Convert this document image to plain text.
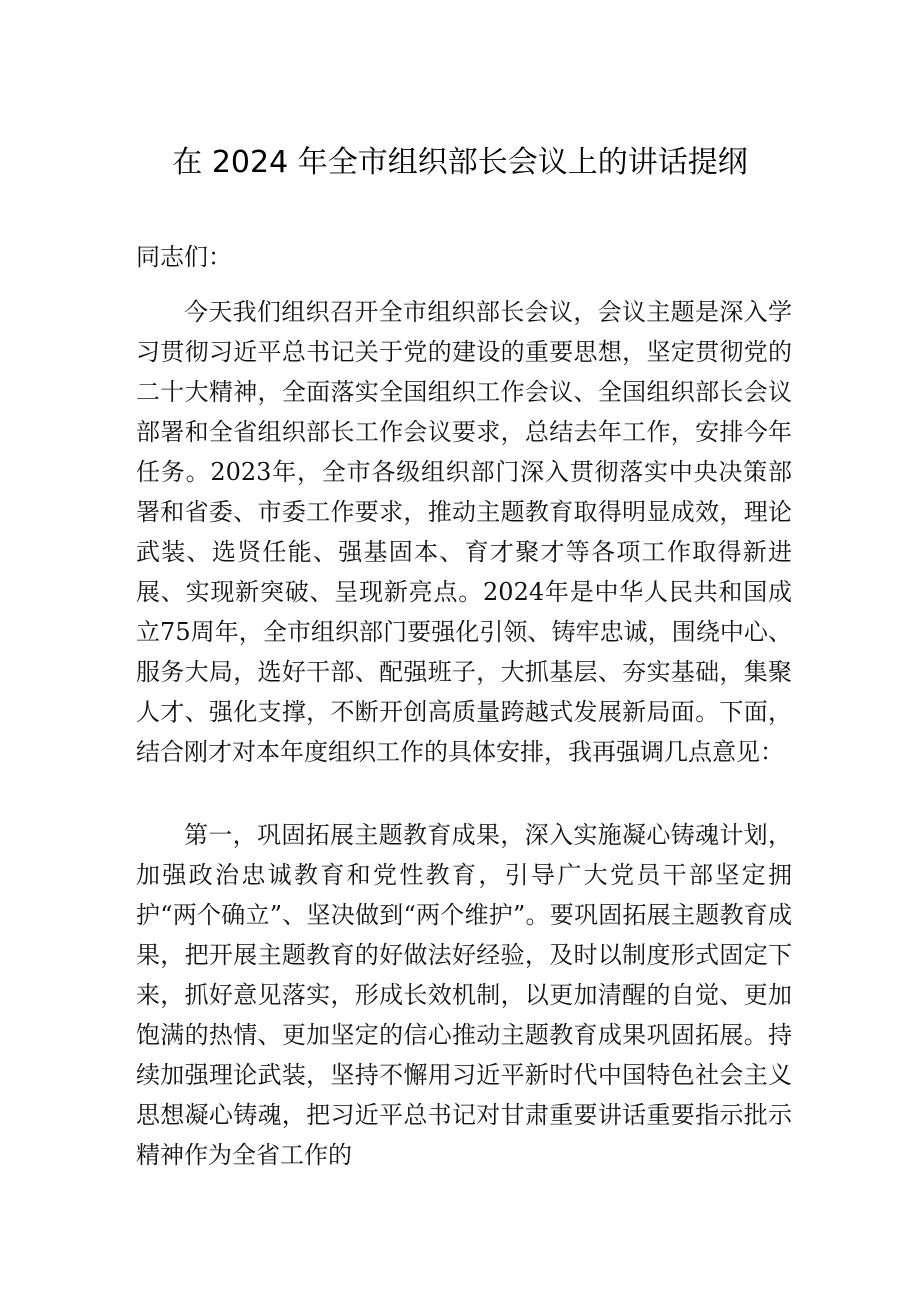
在 2024 年全市组织部长会议上的讲话提纲

同志们：

今天我们组织召开全市组织部长会议，会议主题是深入学习贯彻习近平总书记关于党的建设的重要思想，坚定贯彻党的二十大精神，全面落实全国组织工作会议、全国组织部长会议部署和全省组织部长工作会议要求，总结去年工作，安排今年任务。2023年，全市各级组织部门深入贯彻落实中央决策部署和省委、市委工作要求，推动主题教育取得明显成效，理论武装、选贤任能、强基固本、育才聚才等各项工作取得新进展、实现新突破、呈现新亮点。2024年是中华人民共和国成立75周年，全市组织部门要强化引领、铸牢忠诚，围绕中心、服务大局，选好干部、配强班子，大抓基层、夯实基础，集聚人才、强化支撑，不断开创高质量跨越式发展新局面。下面，结合刚才对本年度组织工作的具体安排，我再强调几点意见：

第一，巩固拓展主题教育成果，深入实施凝心铸魂计划，加强政治忠诚教育和党性教育，引导广大党员干部坚定拥护“两个确立”、坚决做到“两个维护”。要巩固拓展主题教育成果，把开展主题教育的好做法好经验，及时以制度形式固定下来，抓好意见落实，形成长效机制，以更加清醒的自觉、更加饱满的热情、更加坚定的信心推动主题教育成果巩固拓展。持续加强理论武装，坚持不懈用习近平新时代中国特色社会主义思想凝心铸魂，把习近平总书记对甘肃重要讲话重要指示批示精神作为全省工作的
